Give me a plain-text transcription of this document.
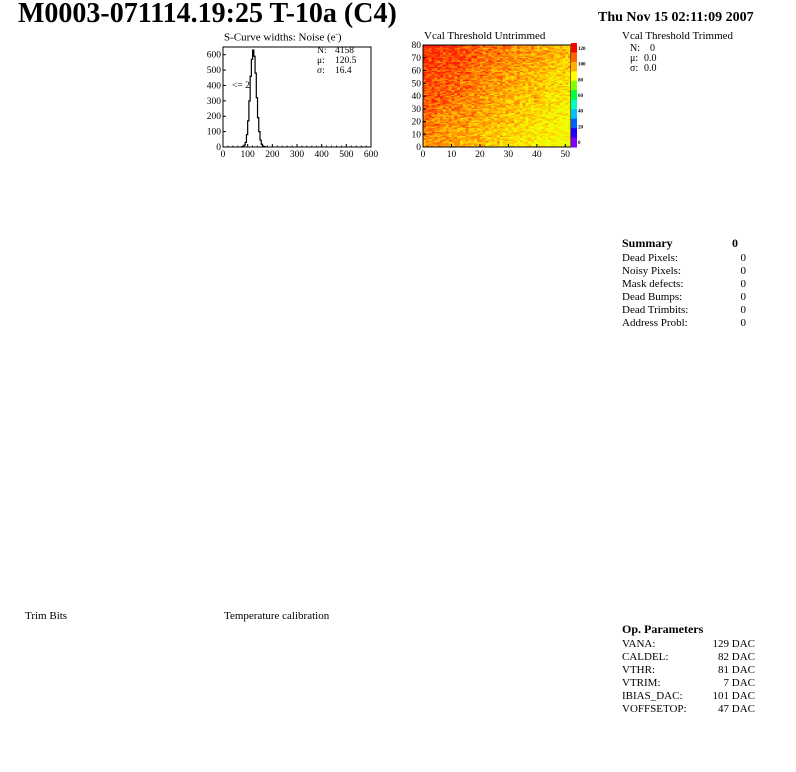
M0003-071114.19:25 T-10a (C4)	Thu Nov 15 02:11:09 2007
S-Curve widths: Noise (e-)
0 100 200 300 400 500 600
0
100
200
300
400
500
600	N: 4158
μ: 120.5
σ: 16.4
<= 2
Vcal Threshold Untrimmed
0 10 20 30 40 50
0
10
20
30
40
50
60
70
80	120
100
80
60
40
20
0
Vcal Threshold Trimmed
N: 0
μ: 0.0
σ: 0.0
Summary	0
Dead Pixels:	0
Noisy Pixels:	0
Mask defects:	0
Dead Bumps:	0
Dead Trimbits:	0
Address Probl:	0
Trim Bits	Temperature calibration
Op. Parameters
VANA:	129 DAC
CALDEL:	82 DAC
VTHR:	81 DAC
VTRIM:	7 DAC
IBIAS_DAC:	101 DAC
VOFFSETOP:	47 DAC
